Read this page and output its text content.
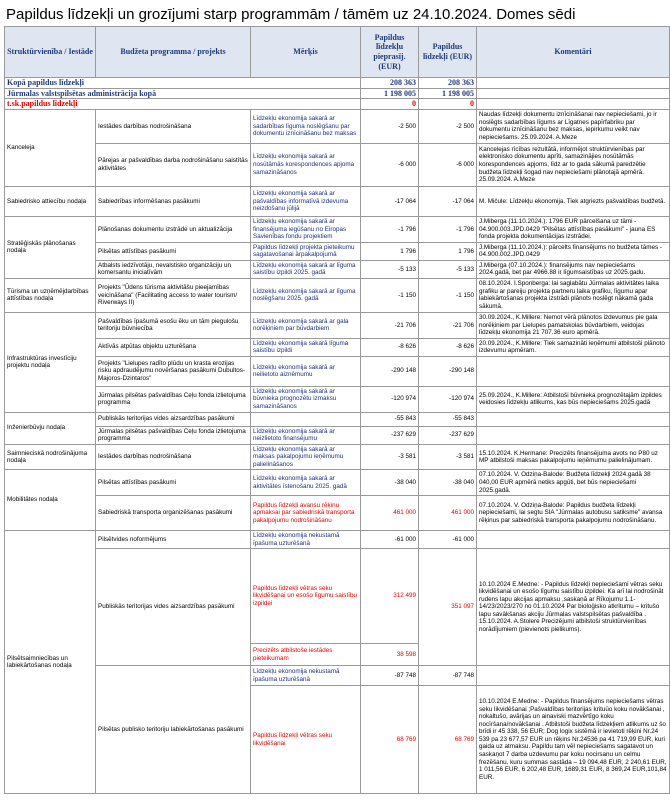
Papildus līdzekļi un grozījumi starp programmām / tāmēm uz 24.10.2024. Domes sēdi
Struktūrvienība / Iestāde	Budžeta programma / projekts	Mērķis	Papildus līdzekļu pieprasīj. (EUR)	Papildus līdzekļi (EUR)	Komentāri
Kopā papildus līdzekļi			208 363	208 363	
Jūrmalas valstspilsētas administrācija kopā			1 198 005	1 198 005	
t.sk.papildus līdzekļi			0	0	
Kanceleja	Iestādes darbības nodrošināšana	Līdzekļu ekonomija sakarā ar sadarbības līguma noslēgšanu par dokumentu iznīcināšanu bez maksas	-2 500	-2 500	Naudas līdzekļi dokumentu iznīcināšanai nav nepieciešami, jo ir noslēgts sadarbības līgums ar Līgatnes papīrfabriku par dokumentu iznīcināšanu bez maksas, iepirkumu veikt nav nepieciešams. 25.09.2024. A.Meze
	Pārejas ar pašvaldības darba nodrošināšanu saistītās aktivitātes	Līdzekļu ekonomija sakarā ar nosūtāmās korespondences apjoma samazināšanos	-6 000	-6 000	Kancelejas rīcības rezultātā, informējot struktūrvienības par elektronisko dokumentu aprīti, samazinājies nosūtāmās korespondences apjoms, līdz ar to gada sākumā paredzētie budžeta līdzekļi šogad nav nepieciešami plānotajā apmērā. 25.09.2024. A.Meze
Sabiedrisko attiecību nodaļa	Sabiedrības informēšanas pasākumi	Līdzekļu ekonomija sakarā ar pašvaldības informatīvā izdevuma neizdošanu jūlijā	-17 064	-17 064	M. Mičule: Līdzekļu ekonomija. Tiek atgriezts pašvaldības budžetā.
Stratēģiskās plānošanas nodaļa	Plānošanas dokumentu izstrāde un aktualizācija	Līdzekļu ekonomija sakarā ar finansējuma iegūšanu no Eiropas Savienības fondu projektiem	-1 796	-1 796	J.Miberga (11.10.2024.): 1796 EUR pārcelšana uz tāmi - 04.900.003.JPD.0429 "Pilsētas attīstības pasākumi" - jauna ES fonda projekta dokumentācijas izstrādei.
	Pilsētas attīstības pasākumi	Papildus līdzekļi projekta pieteikumu sagatavošanai ārpakalpojumā	1 796	1 796	J.Miberga (11.10.2024.): pārcelts finansējums no budžeta tāmes - 04.900.002.JPD.0429
	Atbalsts iedzīvotāju, nevalstisko organizāciju un komersantu iniciatīvām	Līdzekļu ekonomija sakarā ar līguma saistību izpildi 2025. gadā	-5 133	-5 133	J.Miberga (07.10.2024.): finansējums nav nepieciešams 2024.gadā, bet par 4966.88 ir līgumsaistības uz 2025.gadu.
Tūrisma un uzņēmējdarbības attīstības nodaļa	Projekts "Ūdens tūrisma aktivitāšu pieejamības veicināšana" (Facilitating access to water tourism/ Riverways II)	Līdzekļu ekonomija sakarā ar līguma noslēgšanu 2025. gadā	-1 150	-1 150	08.10.2024. I.Sponberga: lai saglabātu Jūrmalas aktivitātes laika grafiku ar pareiju projekta partneru laika grafiku, līgumu apar labiekārtošanas projekta izstrādi plānots noslēgt nākamā gada sākumā.
Infrastruktūras investīciju projektu nodaļa	Pašvaldības īpašumā esošu ēku un tām piegulošu teritoriju būvniecība	Līdzekļu ekonomija sakarā ar gala norēķiniem par būvdarbiem	-21 706	-21 706	30.09.2024., K.Millere: Nemot vērā plānotos izdevumus pie gala norēķiniem par Lielupes pamatskolas būvdarbiem, veidojas līdzekļu ekonomija 21 707.36 euro apmērā.
	Aktīvās atpūtas objektu uzturēšana	Līdzekļu ekonomija sakarā līguma saistību izpildi	-8 626	-8 626	20.09.2024., K.Millere: Tiek samazināti ieņēmumi atbilstoši plānoto izdevumu apmēram.
	Projekts "Lielupes radīto plūdu un krasta erozijas risku apdraudējumu novēršanas pasākumi Dubultos-Majoros-Dzintaros"	Līdzekļu ekonomija sakarā ar neilietoto aiznēmumu	-290 148	-290 148	
	Jūrmalas pilsētas pašvaldības Ceļu fonda izlietojuma programma	Līdzekļu ekonomija sakarā ar būvnieka prognozētu izmaksu samazināšanos	-120 974	-120 974	25.09.2024., K.Millere: Atbilstoši būvnieka prognozētajām izpildes veidosies līdzekļu atlikums, kas būs nepieciešams 2025.gadā
Inženierbūvju nodaļa	Publiskās teritorijas vides aizsardzības pasākumi		-55 843	-55 843	
	Jūrmalas pilsētas pašvaldības Ceļu fonda izlietojuma programma	Līdzekļu ekonomija sakarā ar neizlietoto finansējumu	-237 629	-237 629	
Saimnieciskā nodrošinājuma nodaļa	Iestādes darbības nodrošināšana	Līdzekļu ekonomija sakarā ar maksas pakalpojumu ieņēmumu palielināšanos	-3 581	-3 581	15.10.2024. K.Hermane: Precizēts finansējuma avots no P80 uz MP atbilstoši maksas pakalpojumu ieņēmumu palielinājumam.
Mobilitātes nodaļa	Pilsētas attīstības pasākumi	Līdzekļu ekonomija sakarā ar aktivitātes īstenošanu 2025. gadā	-38 040	-38 040	07.10.2024. V. Odziņa-Balode: Budžeta līdzekļi 2024.gadā 38 040,00 EUR apmērā netiks apgūti, bet būs nepieciešami 2025.gadā.
	Sabiedriskā transporta organizēšanas pasākumi	Papildus līdzekļi avansu rēķinu apmaksai par sabiedriskā transporta pakalpojumu nodrošināšanu	461 000	461 000	07.10.2024. V. Odziņa-Balode: Papildus budžeta līdzekļi nepieciešami, lai segtu SIA "Jūrmalas autobusu satiksme" avansa rēķinus par sabiedriskā transporta pakalpojumu nodrošināšanu.
Pilsētsaimniecības un labiekārtošanas nodaļa	Pilsētvides noformējums	Līdzekļu ekonomija nekustamā īpašuma uzturēšanā	-61 000	-61 000	
	Publiskās teritorijas vides aizsardzības pasākumi	Papildus līdzekļi vētras seku likvidēšanai un esošo līgumu saistību izpildei	312 499	351 097	10.10.2024 E.Medne: - Papildus līdzekļi nepieciešami vētras seku likvidēšanai un esošo līgumu saistību izpildei. Ka arī lai nodrošināt rudens lapu akcijas apmaksu ,saskaņā ar Rīkojumu 1.1-14/23/2023/270 no 01.10.2024 Par bioloģisko atkritumu – kritušo lapu savākšanas akciju Jūrmalas valstspilsētas pašvaldība . 15.10.2024. A.Stolere Precizējumi atbilstoši struktūrvienības norādījumiem (pievienots pielikums).
		Precizēts atbilstoše iestādes pieteikumam	38 598		
	Pilsētas publisko teritoriju labiekārtošanas pasākumi	Līdzekļu ekonomija nekustamā īpašuma uzturēšanā	-87 748	-87 748	
		Papildus līdzekļi vētras seku likvidēšanai	68 769	68 769	10.10.2024 E.Medne: - Papildus finansējums nepieciešams vētras seku likvidēšanai ;Pašvaldības teritorijas krituūo koku novākšanai , nokaltušo, avārijas un ainaviski mazvērtīgo koku nocīršana/novākšanai . Atbilstoši budžeta līdzekļiem atlikums uz šo brīdi ir 45 338, 56 EUR; Dog logix sistēmā ir ievietoti rēķini Nr.24 539 pa 23 677,57 EUR un rēķins Nr.24536 pa 41 719,99 EUR, kuri gaida uz atmaksu. Papildu tam vēl nepieciešams sagatavot un saskaņot 7 darba uzdevumu par koku nocirsanu un celmu frezēšanu, kuru summas sastāda – 19 094,48 EUR, 2 240,61 EUR, 1 011,56 EUR, 6 202,48 EUR, 1689,31 EUR, 8 369,24 EUR,101,84 EUR.
